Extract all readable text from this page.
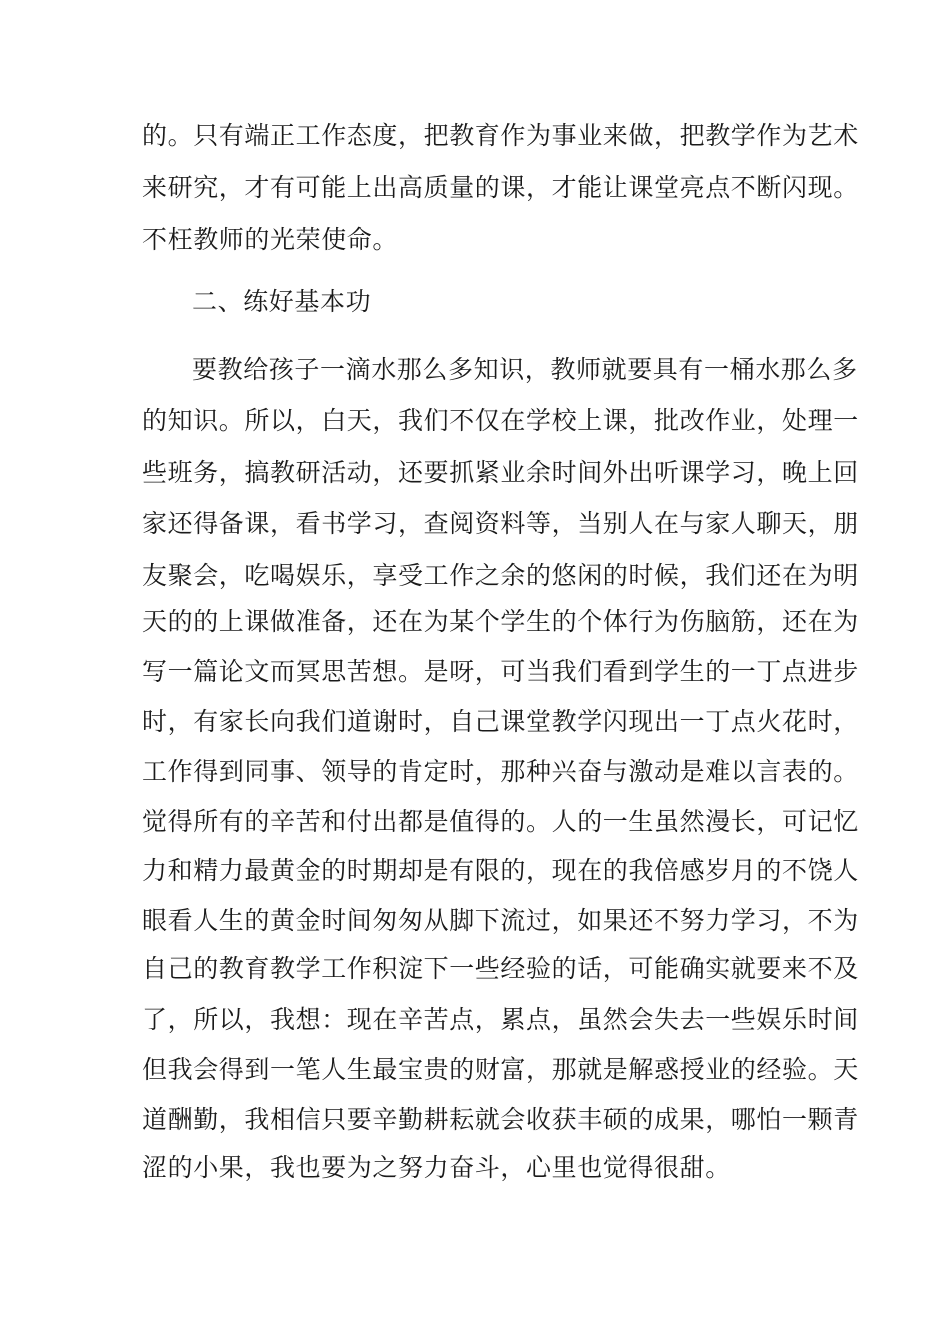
的。只有端正工作态度，把教育作为事业来做，把教学作为艺术

来研究，才有可能上出高质量的课，才能让课堂亮点不断闪现。

不枉教师的光荣使命。

二、练好基本功

要教给孩子一滴水那么多知识，教师就要具有一桶水那么多

的知识。所以，白天，我们不仅在学校上课，批改作业，处理一

些班务，搞教研活动，还要抓紧业余时间外出听课学习，晚上回

家还得备课，看书学习，查阅资料等，当别人在与家人聊天，朋

友聚会，吃喝娱乐，享受工作之余的悠闲的时候，我们还在为明

天的的上课做准备，还在为某个学生的个体行为伤脑筋，还在为

写一篇论文而冥思苦想。是呀，可当我们看到学生的一丁点进步

时，有家长向我们道谢时，自己课堂教学闪现出一丁点火花时，

工作得到同事、领导的肯定时，那种兴奋与激动是难以言表的。

觉得所有的辛苦和付出都是值得的。人的一生虽然漫长，可记忆

力和精力最黄金的时期却是有限的，现在的我倍感岁月的不饶人

眼看人生的黄金时间匆匆从脚下流过，如果还不努力学习，不为

自己的教育教学工作积淀下一些经验的话，可能确实就要来不及

了，所以，我想：现在辛苦点，累点，虽然会失去一些娱乐时间

但我会得到一笔人生最宝贵的财富，那就是解惑授业的经验。天

道酬勤，我相信只要辛勤耕耘就会收获丰硕的成果，哪怕一颗青

涩的小果，我也要为之努力奋斗，心里也觉得很甜。
